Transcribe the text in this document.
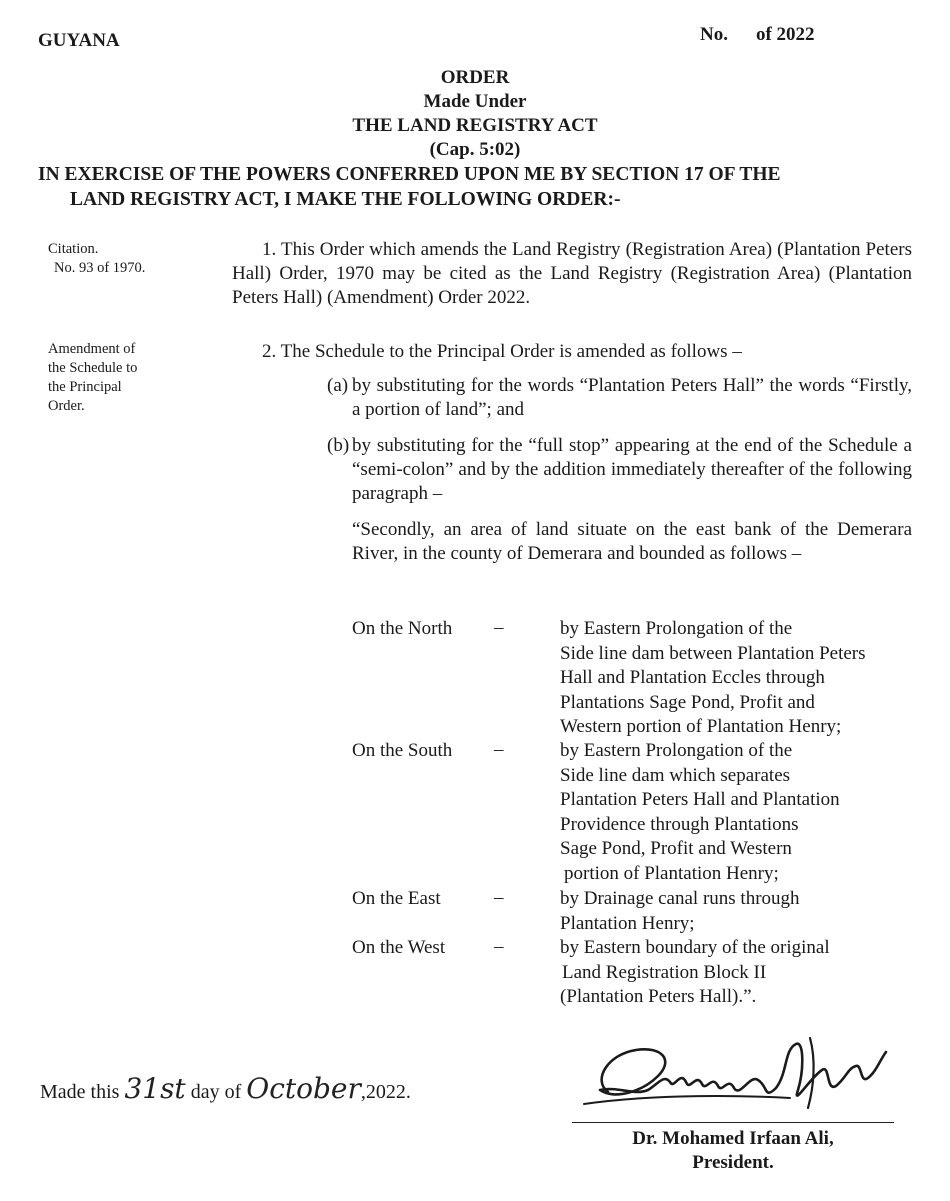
GUYANA	No. of 2022
ORDER
Made Under
THE LAND REGISTRY ACT
(Cap. 5:02)
IN EXERCISE OF THE POWERS CONFERRED UPON ME BY SECTION 17 OF THE
LAND REGISTRY ACT, I MAKE THE FOLLOWING ORDER:-
Citation.
No. 93 of 1970.
Amendment of
the Schedule to
the Principal
Order.
1. This Order which amends the Land Registry (Registration Area) (Plantation Peters Hall) Order, 1970 may be cited as the Land Registry (Registration Area) (Plantation Peters Hall) (Amendment) Order 2022.
2. The Schedule to the Principal Order is amended as follows –
(a) by substituting for the words “Plantation Peters Hall” the words “Firstly, a portion of land”; and
(b) by substituting for the “full stop” appearing at the end of the Schedule a “semi-colon” and by the addition immediately thereafter of the following paragraph –
“Secondly, an area of land situate on the east bank of the Demerara River, in the county of Demerara and bounded as follows –
On the North –	by Eastern Prolongation of the
Side line dam between Plantation Peters
Hall and Plantation Eccles through
Plantations Sage Pond, Profit and
Western portion of Plantation Henry;
On the South –	by Eastern Prolongation of the
Side line dam which separates
Plantation Peters Hall and Plantation
Providence through Plantations
Sage Pond, Profit and Western
portion of Plantation Henry;
On the East	–	by Drainage canal runs through
Plantation Henry;
On the West	–	by Eastern boundary of the original
Land Registration Block II
(Plantation Peters Hall).”.
Made this 31st day of October,2022.
Dr. Mohamed Irfaan Ali,
President.
